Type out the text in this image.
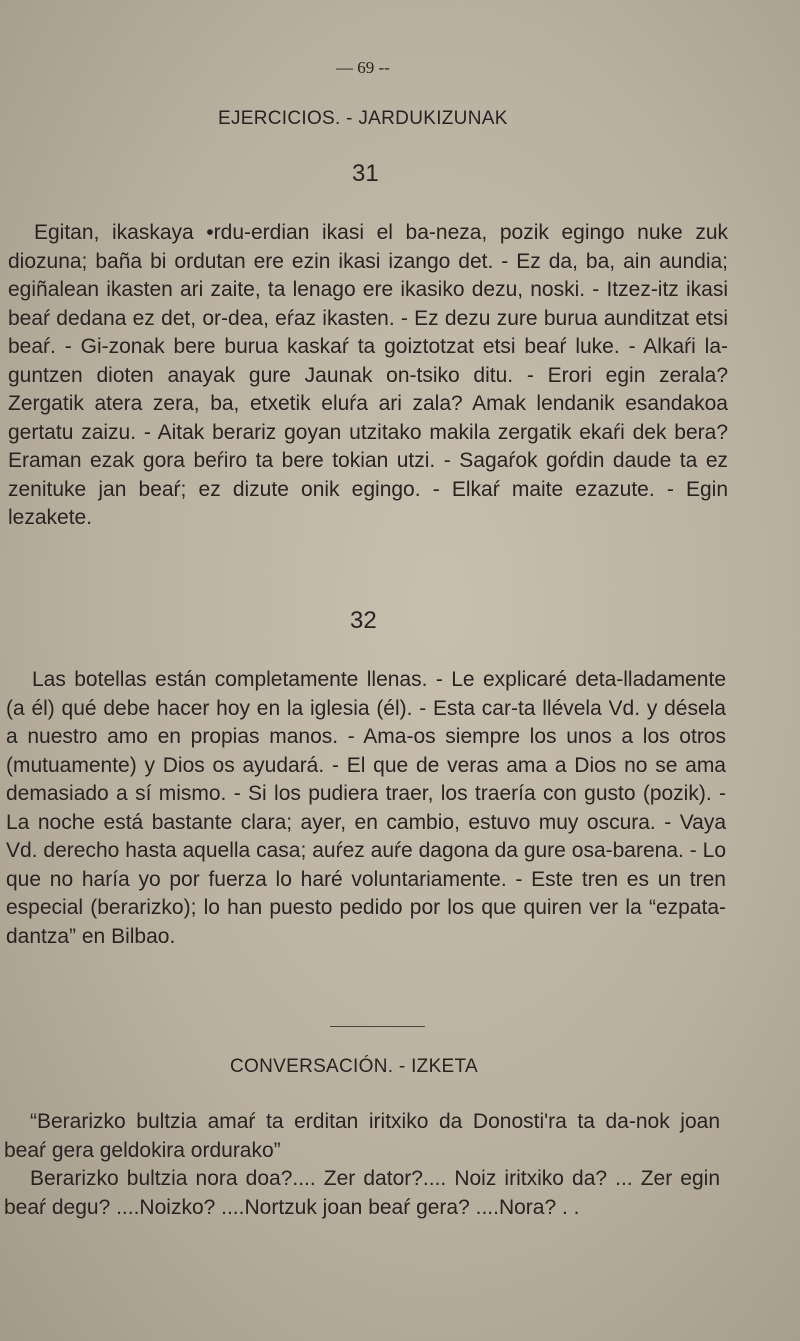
— 69 --
EJERCICIOS. - JARDUKIZUNAK
31

Egitan, ikaskaya •rdu-erdian ikasi el ba-neza, pozik egingo nuke zuk diozuna; baña bi ordutan ere ezin ikasi izango det. - Ez da, ba, ain aundia; egiñalean ikasten ari zaite, ta lenago ere ikasiko dezu, noski. - Itzez-itz ikasi beaŕ dedana ez det, or-dea, eŕaz ikasten. - Ez dezu zure burua aunditzat etsi beaŕ. - Gi-zonak bere burua kaskaŕ ta goiztotzat etsi beaŕ luke. - Alkaŕi la-guntzen dioten anayak gure Jaunak on-tsiko ditu. - Erori egin zerala? Zergatik atera zera, ba, etxetik eluŕa ari zala? Amak lendanik esandakoa gertatu zaizu. - Aitak berariz goyan utzitako makila zergatik ekaŕi dek bera? Eraman ezak gora beŕiro ta bere tokian utzi. - Sagaŕok goŕdin daude ta ez zenituke jan beaŕ; ez dizute onik egingo. - Elkaŕ maite ezazute. - Egin lezakete.

32

Las botellas están completamente llenas. - Le explicaré deta-lladamente (a él) qué debe hacer hoy en la iglesia (él). - Esta car-ta llévela Vd. y désela a nuestro amo en propias manos. - Ama-os siempre los unos a los otros (mutuamente) y Dios os ayudará. - El que de veras ama a Dios no se ama demasiado a sí mismo. - Si los pudiera traer, los traería con gusto (pozik). - La noche está bastante clara; ayer, en cambio, estuvo muy oscura. - Vaya Vd. derecho hasta aquella casa; auŕez auŕe dagona da gure osa-barena. - Lo que no haría yo por fuerza lo haré voluntariamente. - Este tren es un tren especial (berarizko); lo han puesto pedido por los que quiren ver la “ezpata-dantza” en Bilbao.

CONVERSACIÓN. - IZKETA

“Berarizko bultzia amaŕ ta erditan iritxiko da Donosti'ra ta da-nok joan beaŕ gera geldokira ordurako”

Berarizko bultzia nora doa?.... Zer dator?.... Noiz iritxiko da? ... Zer egin beaŕ degu? ....Noizko? ....Nortzuk joan beaŕ gera? ....Nora? . .
